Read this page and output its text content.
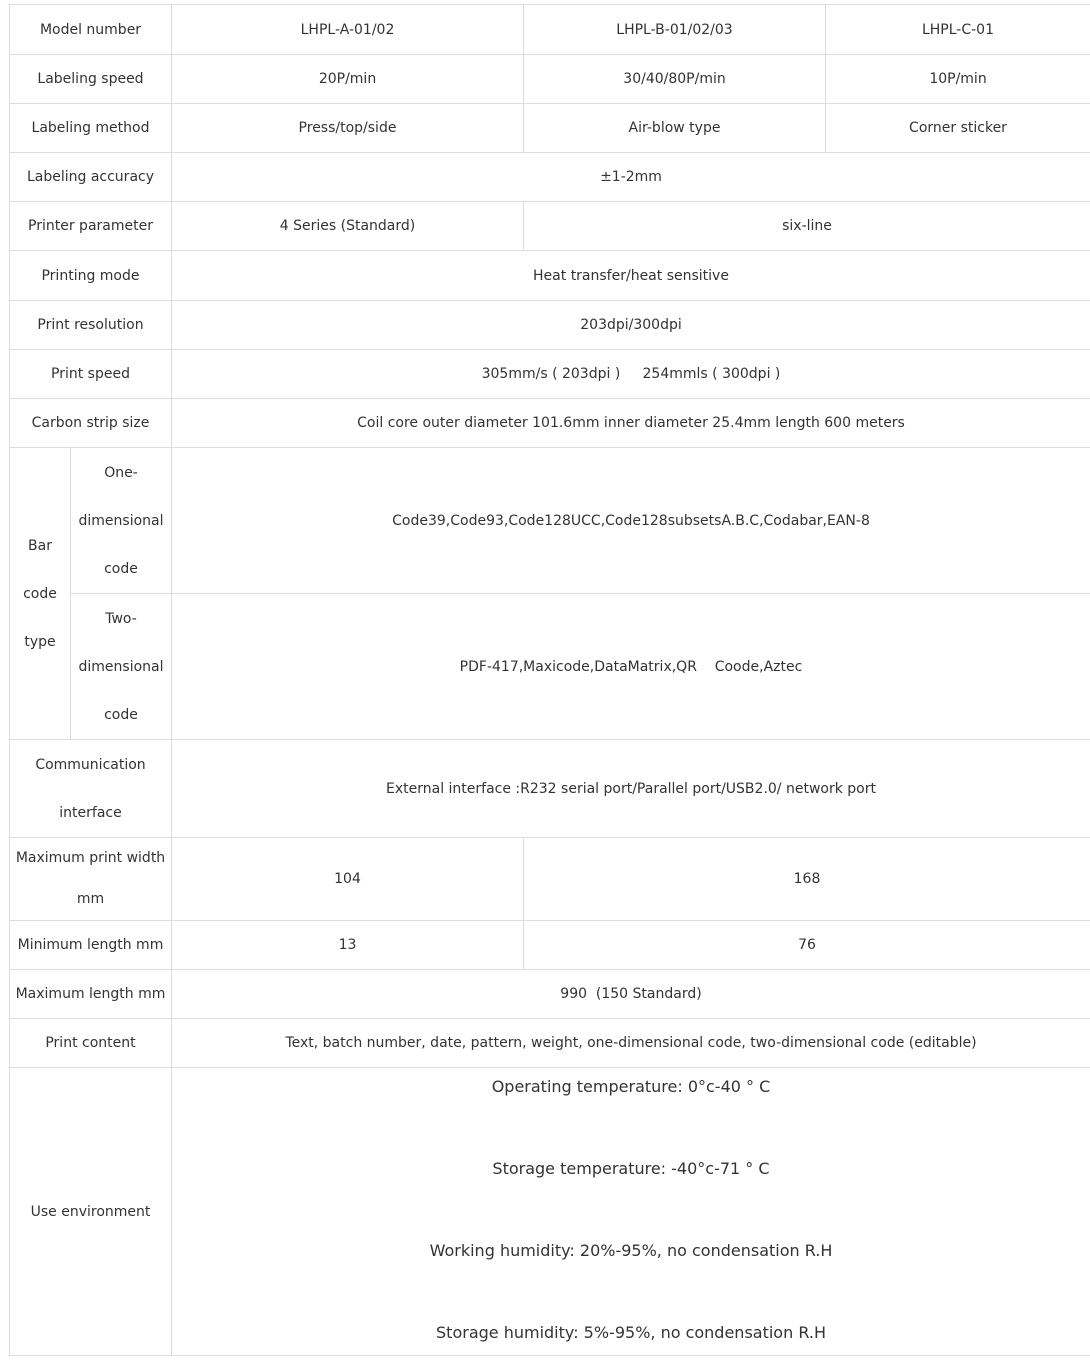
Model number		LHPL-A-01/02	LHPL-B-01/02/03	LHPL-C-01
Labeling speed		20P/min	30/40/80P/min	10P/min
Labeling method		Press/top/side	Air-blow type	Corner sticker
Labeling accuracy		±1-2mm		
Printer parameter		4 Series (Standard)	six-line	
Printing mode		Heat transfer/heat sensitive		
Print resolution		203dpi/300dpi		
Print speed		305mm/s ( 203dpi )     254mmls ( 300dpi )		
Carbon strip size		Coil core outer diameter 101.6mm inner diameter 25.4mm length 600 meters		
Bar code type	One-dimensional code	Code39,Code93,Code128UCC,Code128subsetsA.B.C,Codabar,EAN-8		
	Two-dimensional code	PDF-417,Maxicode,DataMatrix,QR    Coode,Aztec		
Communication interface		External interface :R232 serial port/Parallel port/USB2.0/ network port		
Maximum print width mm		104	168	
Minimum length mm		13	76	
Maximum length mm		990  (150 Standard)		
Print content		Text, batch number, date, pattern, weight, one-dimensional code, two-dimensional code (editable)		
Use environment		Operating temperature: 0°c-40 ° C
Storage temperature: -40°c-71 ° C
Working humidity: 20%-95%, no condensation R.H
Storage humidity: 5%-95%, no condensation R.H		
